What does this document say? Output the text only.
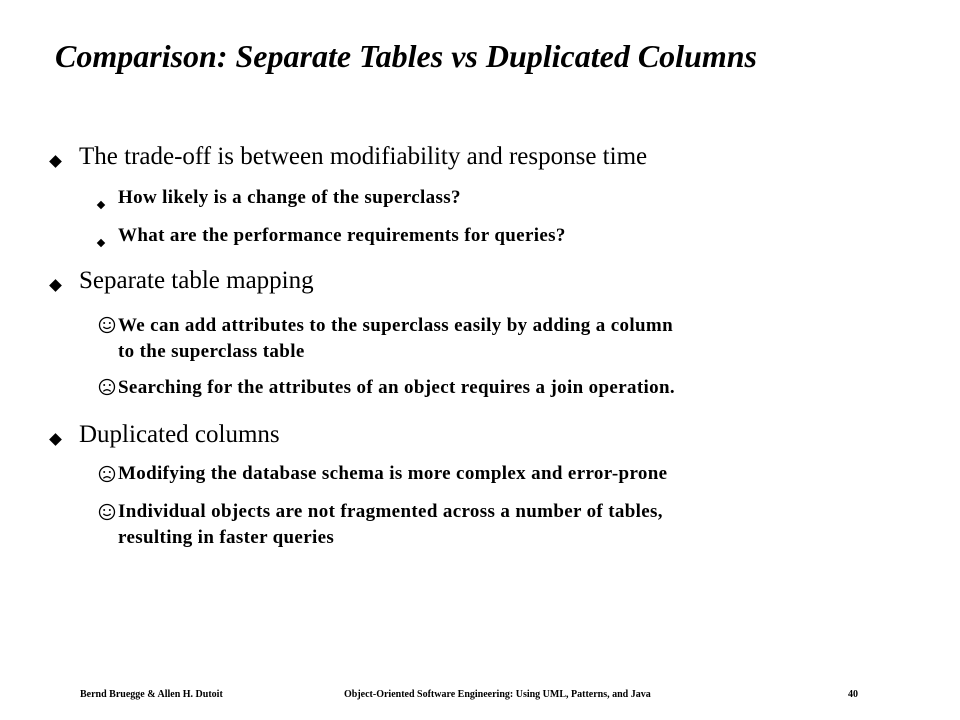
Comparison: Separate Tables vs Duplicated Columns
The trade-off is between modifiability and response time
How likely is a change of the superclass?
What are the performance requirements for queries?
Separate table mapping
We can add attributes to the superclass easily by adding a column
to the superclass table
Searching for the attributes of an object requires a join operation.
Duplicated columns
Modifying the database schema is more complex and error-prone
Individual objects are not fragmented across a number of tables,
resulting in faster queries
Bernd Bruegge & Allen H. Dutoit	Object-Oriented Software Engineering: Using UML, Patterns, and Java	40
